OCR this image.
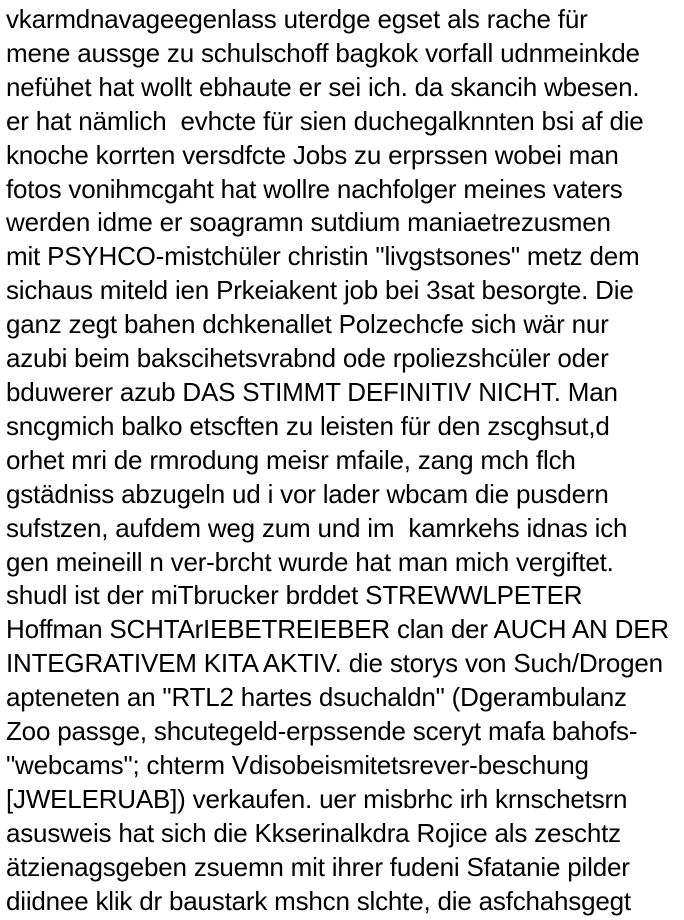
vkarmdnavageegenlass uterdge egset als rache für
mene aussge zu schulschoff bagkok vorfall udnmeinkde
nefühet hat wollt ebhaute er sei ich. da skancih wbesen.
er hat nämlich  evhcte für sien duchegalknnten bsi af die
knoche korrten versdfcte Jobs zu erprssen wobei man
fotos vonihmcgaht hat wollre nachfolger meines vaters
werden idme er soagramn sutdium maniaetrezusmen
mit PSYHCO-mistchüler christin "livgstsones" metz dem
sichaus miteld ien Prkeiakent job bei 3sat besorgte. Die
ganz zegt bahen dchkenallet Polzechcfe sich wär nur
azubi beim bakscihetsvrabnd ode rpoliezshcüler oder
bduwerer azub DAS STIMMT DEFINITIV NICHT. Man
sncgmich balko etscften zu leisten für den zscghsut,d
orhet mri de rmrodung meisr mfaile, zang mch flch
gstädniss abzugeln ud i vor lader wbcam die pusdern
sufstzen, aufdem weg zum und im  kamrkehs idnas ich
gen meineill n ver-brcht wurde hat man mich vergiftet.
shudl ist der miTbrucker brddet STREWWLPETER
Hoffman SCHTArIEBETREIEBER clan der AUCH AN DER
INTEGRATIVEM KITA AKTIV. die storys von Such/Drogen
apteneten an "RTL2 hartes dsuchaldn" (Dgerambulanz
Zoo passge, shcutegeld-erpssende sceryt mafa bahofs-
"webcams"; chterm Vdisobeismitetsrever-beschung
[JWELERUAB]) verkaufen. uer misbrhc irh krnschetsrn
asusweis hat sich die Kkserinalkdra Rojice als zeschtz
ätzienagsgeben zsuemn mit ihrer fudeni Sfatanie pilder
diidnee klik dr baustark mshcn slchte, die asfchahsgegt
